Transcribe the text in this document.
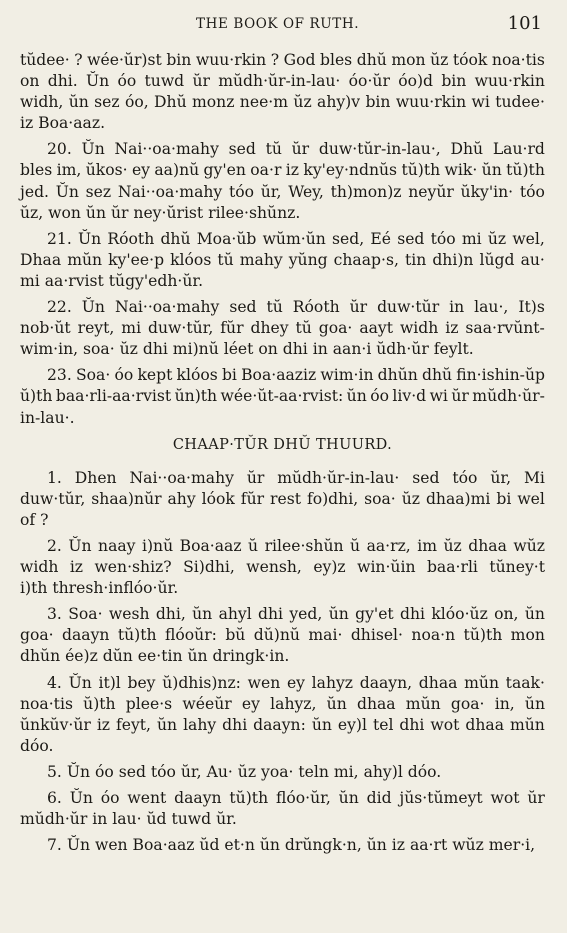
THE BOOK OF RUTH.	101
tŭdee· ? wée·ŭr)st bin wuu·rkin ? God bles dhŭ mon ŭz tóok noa·tis
on dhi. Ŭn óo tuwd ŭr mŭdh·ŭr-in-lau· óo·ŭr óo)d bin wuu·rkin
widh, ŭn sez óo, Dhŭ monz nee·m ŭz ahy)v bin wuu·rkin wi tudee·
iz Boa·aaz.
20. Ŭn Nai··oa·mahy sed tŭ ŭr duw·tŭr-in-lau·, Dhŭ Lau·rd
bles im, ŭkos· ey aa)nŭ gy'en oa·r iz ky'ey·ndnŭs tŭ)th wik· ŭn tŭ)th
jed. Ŭn sez Nai··oa·mahy tóo ŭr, Wey, th)mon)z neyŭr ŭky'in· tóo
ŭz, won ŭn ŭr ney·ŭrist rilee·shŭnz.
21. Ŭn Róoth dhŭ Moa·ŭb wŭm·ŭn sed, Eé sed tóo mi ŭz wel,
Dhaa mŭn ky'ee·p klóos tŭ mahy yŭng chaap·s, tin dhi)n lŭgd au·
mi aa·rvist tŭgy'edh·ŭr.
22. Ŭn Nai··oa·mahy sed tŭ Róoth ŭr duw·tŭr in lau·, It)s
nob·ŭt reyt, mi duw·tŭr, fŭr dhey tŭ goa· aayt widh iz saa·rvŭnt-
wim·in, soa· ŭz dhi mi)nŭ léet on dhi in aan·i ŭdh·ŭr feylt.
23. Soa· óo kept klóos bi Boa·aaziz wim·in dhŭn dhŭ fin·ishin-ŭp
ŭ)th baa·rli-aa·rvist ŭn)th wée·ŭt-aa·rvist: ŭn óo liv·d wi ŭr mŭdh·ŭr-
in-lau·.
CHAAP·TŬR DHŬ THUURD.
1. Dhen Nai··oa·mahy ŭr mŭdh·ŭr-in-lau· sed tóo ŭr, Mi
duw·tŭr, shaa)nŭr ahy lóok fŭr rest fo)dhi, soa· ŭz dhaa)mi bi wel
of ?
2. Ŭn naay i)nŭ Boa·aaz ŭ rilee·shŭn ŭ aa·rz, im ŭz dhaa wŭz
widh iz wen·shiz? Si)dhi, wensh, ey)z win·ŭin baa·rli tŭney·t
i)th thresh·inflóo·ŭr.
3. Soa· wesh dhi, ŭn ahyl dhi yed, ŭn gy'et dhi klóo·ŭz on, ŭn
goa· daayn tŭ)th flóoŭr: bŭ dŭ)nŭ mai· dhisel· noa·n tŭ)th mon
dhŭn ée)z dŭn ee·tin ŭn dringk·in.
4. Ŭn it)l bey ŭ)dhis)nz: wen ey lahyz daayn, dhaa mŭn taak·
noa·tis ŭ)th plee·s wéeŭr ey lahyz, ŭn dhaa mŭn goa· in, ŭn
ŭnkŭv·ŭr iz feyt, ŭn lahy dhi daayn: ŭn ey)l tel dhi wot dhaa mŭn
dóo.
5. Ŭn óo sed tóo ŭr, Au· ŭz yoa· teln mi, ahy)l dóo.
6. Ŭn óo went daayn tŭ)th flóo·ŭr, ŭn did jŭs·tŭmeyt wot ŭr
mŭdh·ŭr in lau· ŭd tuwd ŭr.
7. Ŭn wen Boa·aaz ŭd et·n ŭn drŭngk·n, ŭn iz aa·rt wŭz mer·i,
